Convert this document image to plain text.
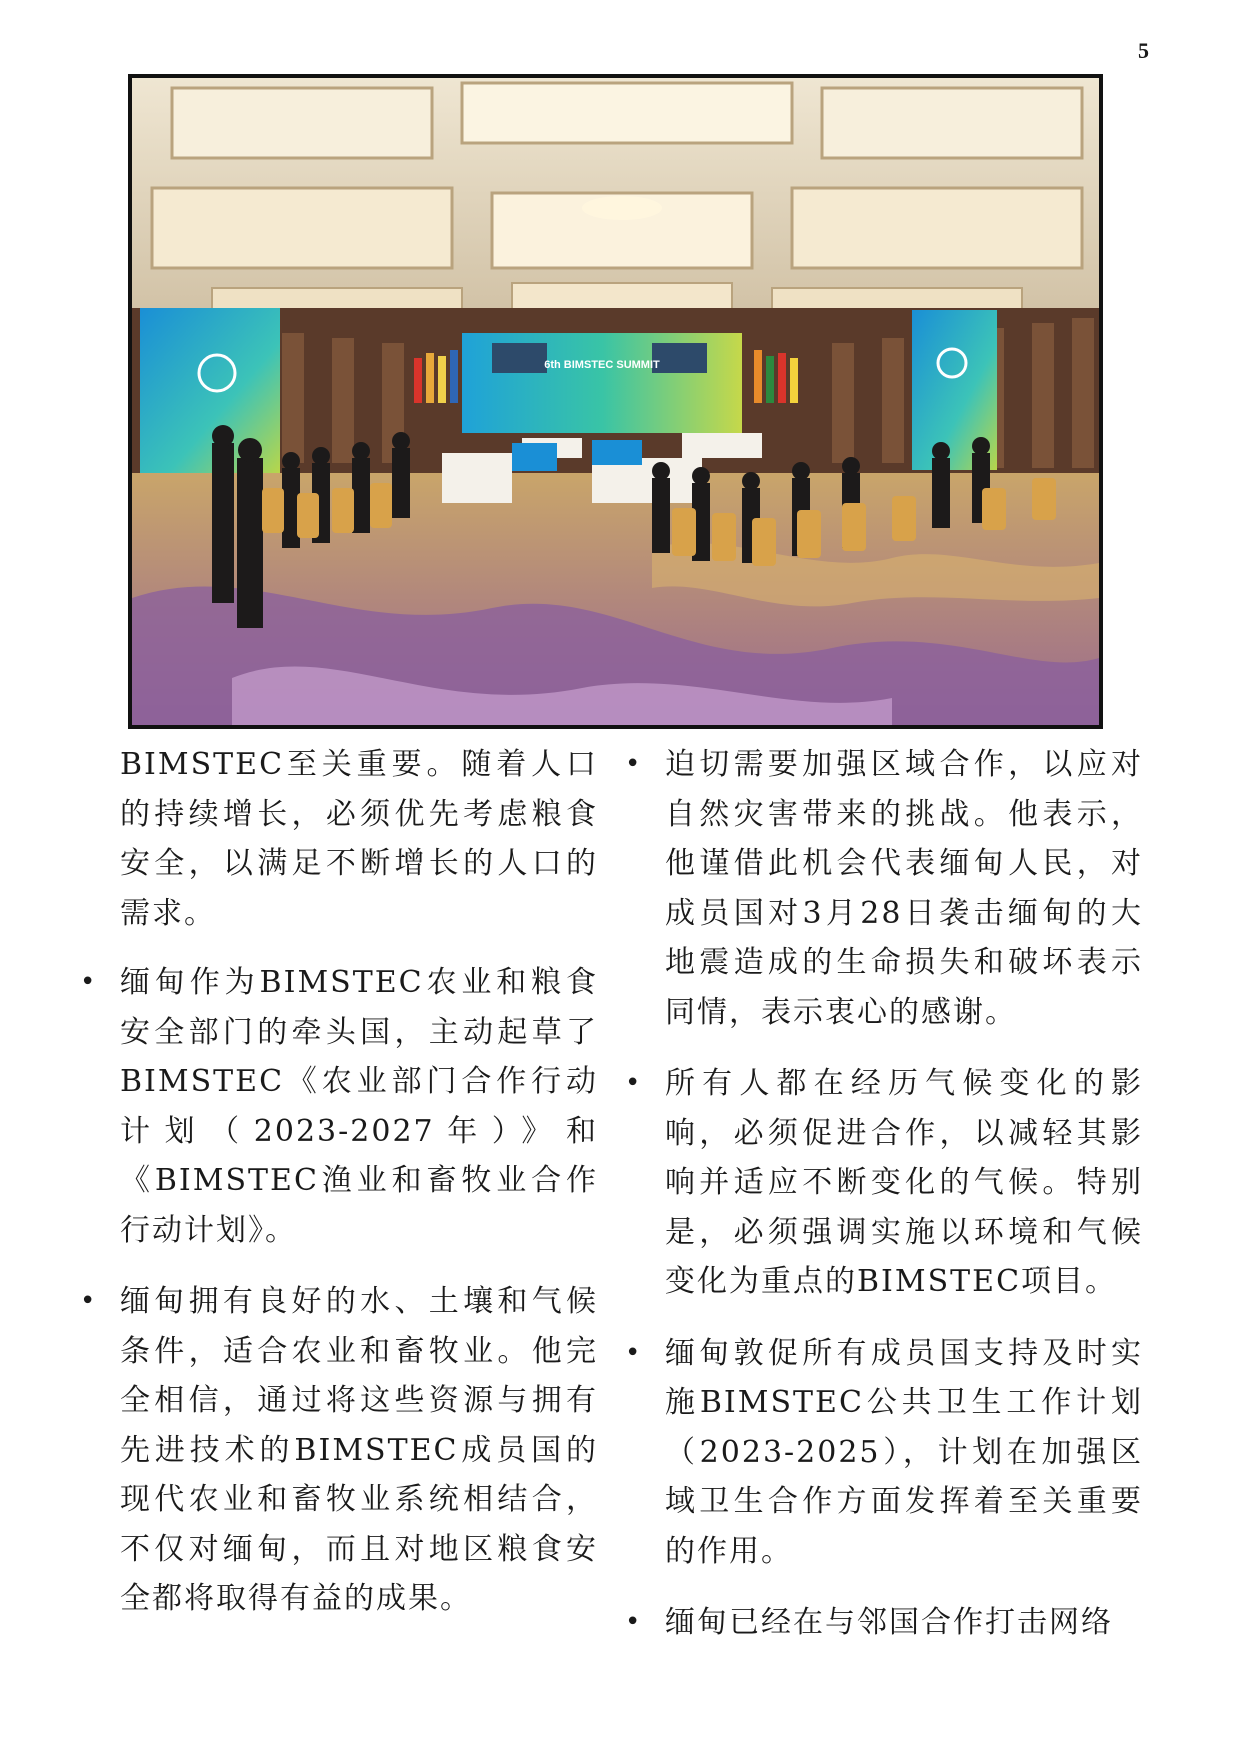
5
6th BIMSTEC SUMMIT

BIMSTEC至关重要。随着人口的持续增长，必须优先考虑粮食安全，以满足不断增长的人口的需求。

• 缅甸作为BIMSTEC农业和粮食安全部门的牵头国，主动起草了BIMSTEC《农业部门合作行动计划（2023-2027年）》和《BIMSTEC渔业和畜牧业合作行动计划》。

• 缅甸拥有良好的水、土壤和气候条件，适合农业和畜牧业。他完全相信，通过将这些资源与拥有先进技术的BIMSTEC成员国的现代农业和畜牧业系统相结合，不仅对缅甸，而且对地区粮食安全都将取得有益的成果。

• 迫切需要加强区域合作，以应对自然灾害带来的挑战。他表示，他谨借此机会代表缅甸人民，对成员国对3月28日袭击缅甸的大地震造成的生命损失和破坏表示同情，表示衷心的感谢。

• 所有人都在经历气候变化的影响，必须促进合作，以减轻其影响并适应不断变化的气候。特别是，必须强调实施以环境和气候变化为重点的BIMSTEC项目。

• 缅甸敦促所有成员国支持及时实施BIMSTEC公共卫生工作计划（2023-2025），计划在加强区域卫生合作方面发挥着至关重要的作用。

• 缅甸已经在与邻国合作打击网络
